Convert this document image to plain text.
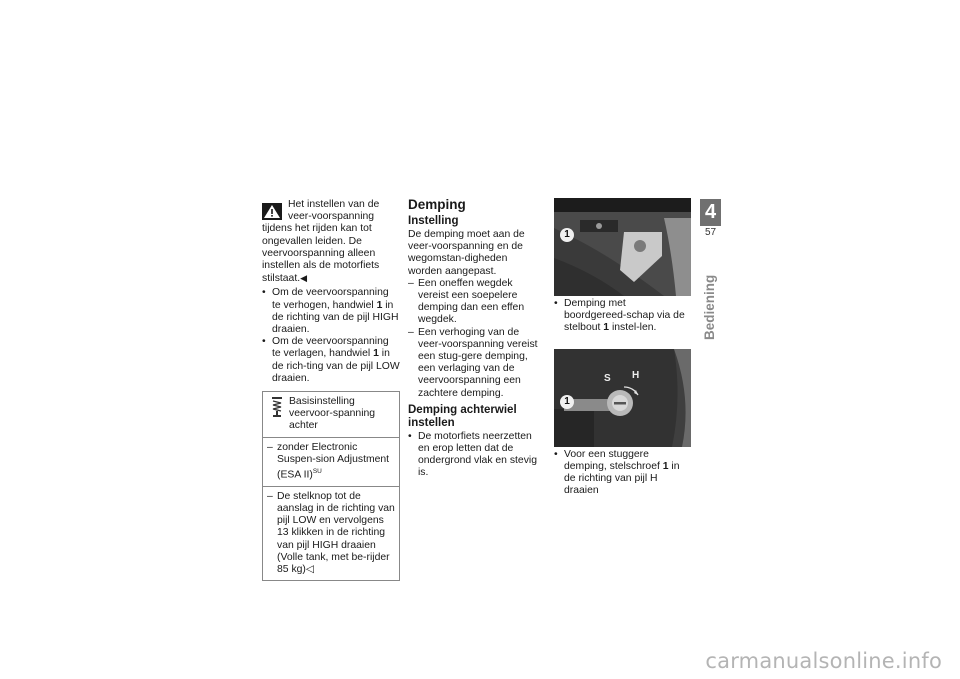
Het instellen van de veer-voorspanning tijdens het rijden kan tot ongevallen leiden. De veervoorspanning alleen instellen als de motorfiets stilstaat.◀

• Om de veervoorspanning te verhogen, handwiel 1 in de richting van de pijl HIGH draaien.
• Om de veervoorspanning te verlagen, handwiel 1 in de rich-ting van de pijl LOW draaien.
Basisinstelling veervoor-spanning achter
– zonder Electronic Suspen-sion Adjustment (ESA II)$^{SU}$
– De stelknop tot de aanslag in de richting van pijl LOW en vervolgens 13 klikken in de richting van pijl HIGH draaien (Volle tank, met be-rijder 85 kg)◁
Demping
Instelling

De demping moet aan de veer-voorspanning en de wegomstan-digheden worden aangepast.

– Een oneffen wegdek vereist een soepelere demping dan een effen wegdek.
– Een verhoging van de veer-voorspanning vereist een stug-gere demping, een verlaging van de veervoorspanning een zachtere demping.
Demping achterwiel instellen
• De motorfiets neerzetten en erop letten dat de ondergrond vlak en stevig is.
1
• Demping met boordgereed-schap via de stelbout 1 instel-len.
1
S H
• Voor een stuggere demping, stelschroef 1 in de richting van pijl H draaien
4
57
Bediening
carmanualsonline.info
